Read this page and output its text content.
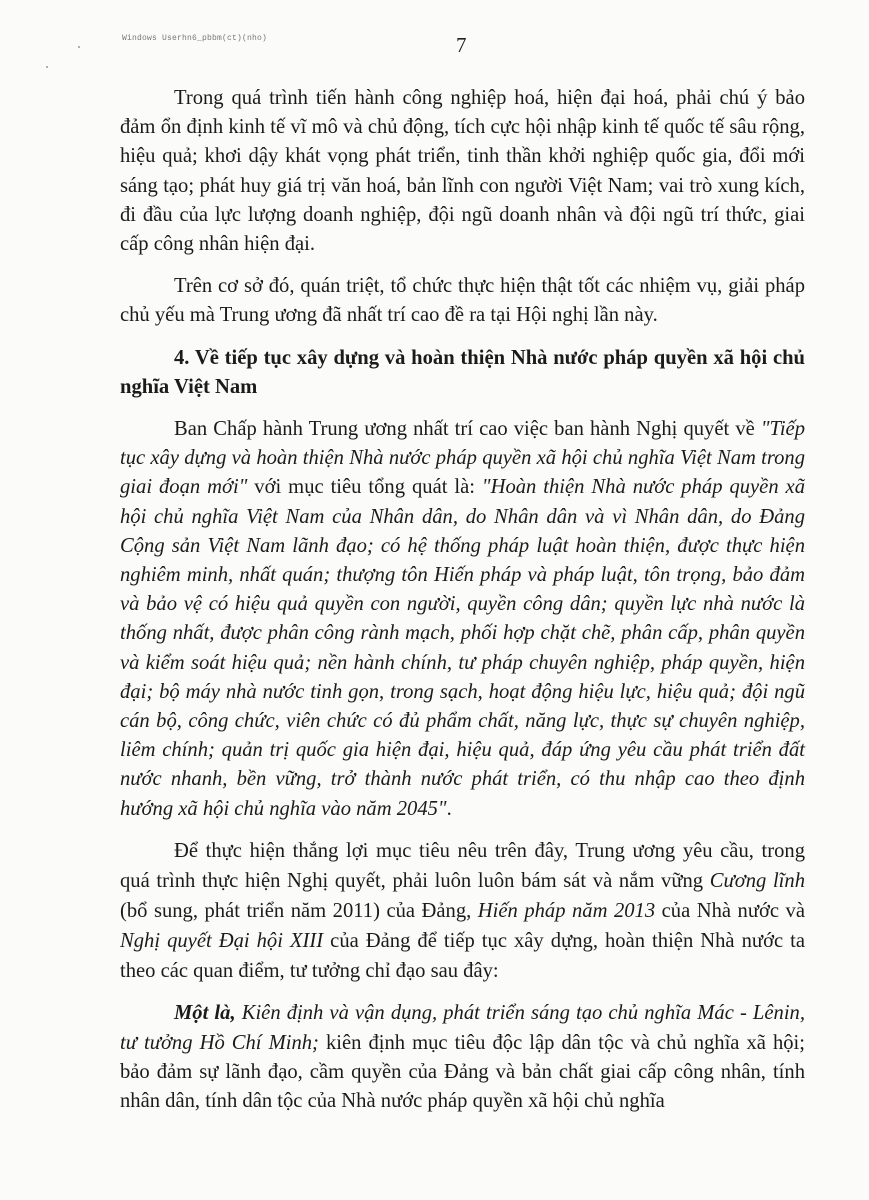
Windows Userhn6_pbbm(ct)(nho)	7

Trong quá trình tiến hành công nghiệp hoá, hiện đại hoá, phải chú ý bảo đảm ổn định kinh tế vĩ mô và chủ động, tích cực hội nhập kinh tế quốc tế sâu rộng, hiệu quả; khơi dậy khát vọng phát triển, tinh thần khởi nghiệp quốc gia, đổi mới sáng tạo; phát huy giá trị văn hoá, bản lĩnh con người Việt Nam; vai trò xung kích, đi đầu của lực lượng doanh nghiệp, đội ngũ doanh nhân và đội ngũ trí thức, giai cấp công nhân hiện đại.

Trên cơ sở đó, quán triệt, tổ chức thực hiện thật tốt các nhiệm vụ, giải pháp chủ yếu mà Trung ương đã nhất trí cao đề ra tại Hội nghị lần này.

4. Về tiếp tục xây dựng và hoàn thiện Nhà nước pháp quyền xã hội chủ nghĩa Việt Nam

Ban Chấp hành Trung ương nhất trí cao việc ban hành Nghị quyết về "Tiếp tục xây dựng và hoàn thiện Nhà nước pháp quyền xã hội chủ nghĩa Việt Nam trong giai đoạn mới" với mục tiêu tổng quát là: "Hoàn thiện Nhà nước pháp quyền xã hội chủ nghĩa Việt Nam của Nhân dân, do Nhân dân và vì Nhân dân, do Đảng Cộng sản Việt Nam lãnh đạo; có hệ thống pháp luật hoàn thiện, được thực hiện nghiêm minh, nhất quán; thượng tôn Hiến pháp và pháp luật, tôn trọng, bảo đảm và bảo vệ có hiệu quả quyền con người, quyền công dân; quyền lực nhà nước là thống nhất, được phân công rành mạch, phối hợp chặt chẽ, phân cấp, phân quyền và kiểm soát hiệu quả; nền hành chính, tư pháp chuyên nghiệp, pháp quyền, hiện đại; bộ máy nhà nước tinh gọn, trong sạch, hoạt động hiệu lực, hiệu quả; đội ngũ cán bộ, công chức, viên chức có đủ phẩm chất, năng lực, thực sự chuyên nghiệp, liêm chính; quản trị quốc gia hiện đại, hiệu quả, đáp ứng yêu cầu phát triển đất nước nhanh, bền vững, trở thành nước phát triển, có thu nhập cao theo định hướng xã hội chủ nghĩa vào năm 2045".

Để thực hiện thắng lợi mục tiêu nêu trên đây, Trung ương yêu cầu, trong quá trình thực hiện Nghị quyết, phải luôn luôn bám sát và nắm vững Cương lĩnh (bổ sung, phát triển năm 2011) của Đảng, Hiến pháp năm 2013 của Nhà nước và Nghị quyết Đại hội XIII của Đảng để tiếp tục xây dựng, hoàn thiện Nhà nước ta theo các quan điểm, tư tưởng chỉ đạo sau đây:

Một là, Kiên định và vận dụng, phát triển sáng tạo chủ nghĩa Mác - Lênin, tư tưởng Hồ Chí Minh; kiên định mục tiêu độc lập dân tộc và chủ nghĩa xã hội; bảo đảm sự lãnh đạo, cầm quyền của Đảng và bản chất giai cấp công nhân, tính nhân dân, tính dân tộc của Nhà nước pháp quyền xã hội chủ nghĩa
